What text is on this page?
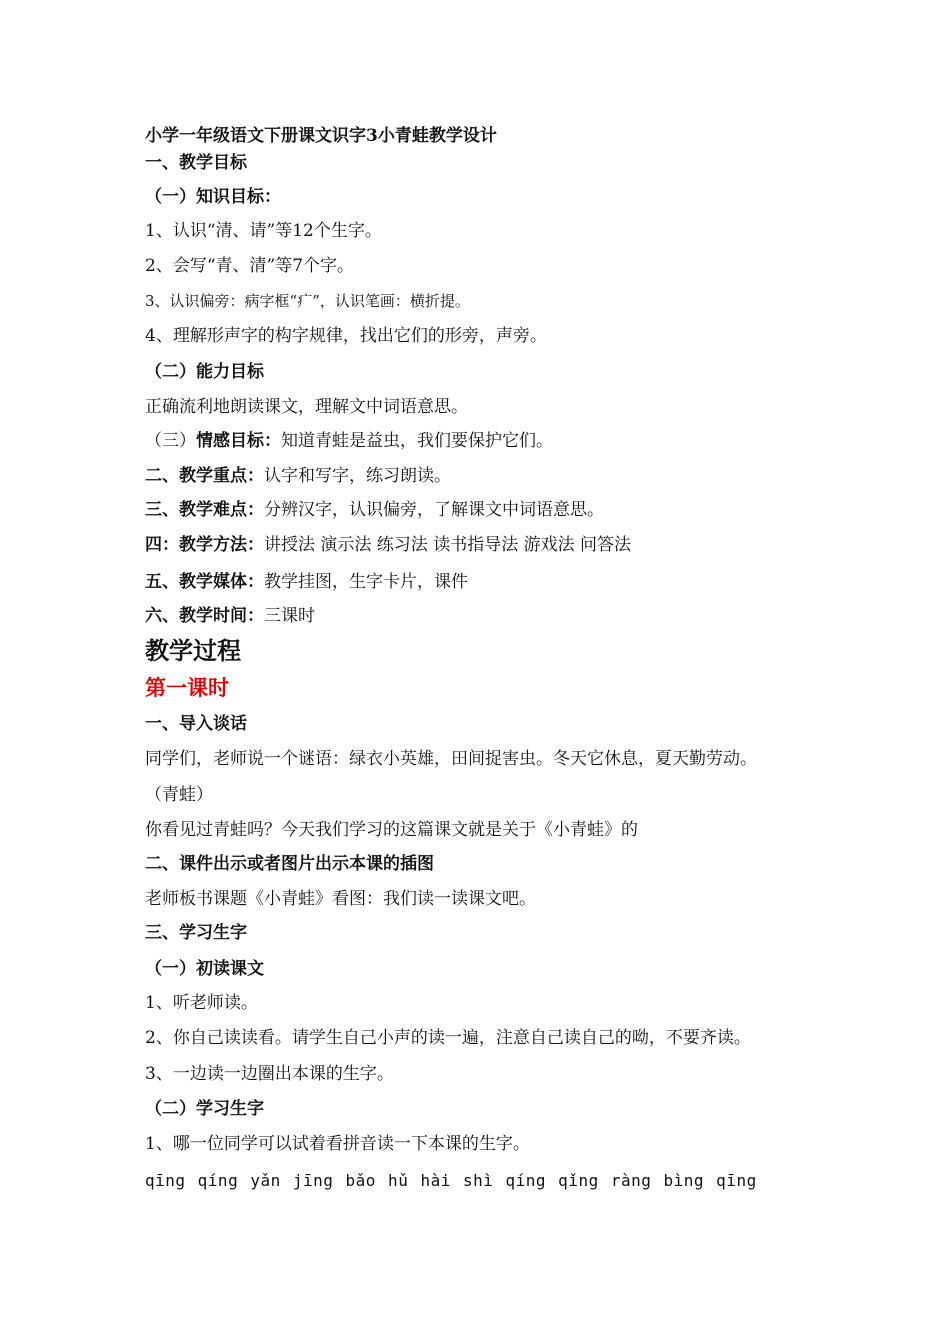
小学一年级语文下册课文识字3小青蛙教学设计
一、教学目标
（一）知识目标：
1、认识“清、请”等12个生字。
2、会写“青、清”等7个字。
3、认识偏旁：病字框“疒”，认识笔画：横折提。
4、理解形声字的构字规律，找出它们的形旁，声旁。
（二）能力目标
正确流利地朗读课文，理解文中词语意思。
（三）情感目标：知道青蛙是益虫，我们要保护它们。
二、教学重点：认字和写字，练习朗读。
三、教学难点：分辨汉字，认识偏旁，了解课文中词语意思。
四：教学方法：讲授法 演示法 练习法 读书指导法 游戏法 问答法
五、教学媒体：教学挂图，生字卡片，课件
六、教学时间：三课时
教学过程
第一课时
一、导入谈话
同学们，老师说一个谜语：绿衣小英雄，田间捉害虫。冬天它休息，夏天勤劳动。
（青蛙）
你看见过青蛙吗？今天我们学习的这篇课文就是关于《小青蛙》的
二、课件出示或者图片出示本课的插图
老师板书课题《小青蛙》看图：我们读一读课文吧。
三、学习生字
（一）初读课文
1、听老师读。
2、你自己读读看。请学生自己小声的读一遍，注意自己读自己的呦，不要齐读。
3、一边读一边圈出本课的生字。
（二）学习生字
1、哪一位同学可以试着看拼音读一下本课的生字。
qīng qíng yǎn jīng bǎo hǔ hài shì qíng qǐng ràng bìng qīng
